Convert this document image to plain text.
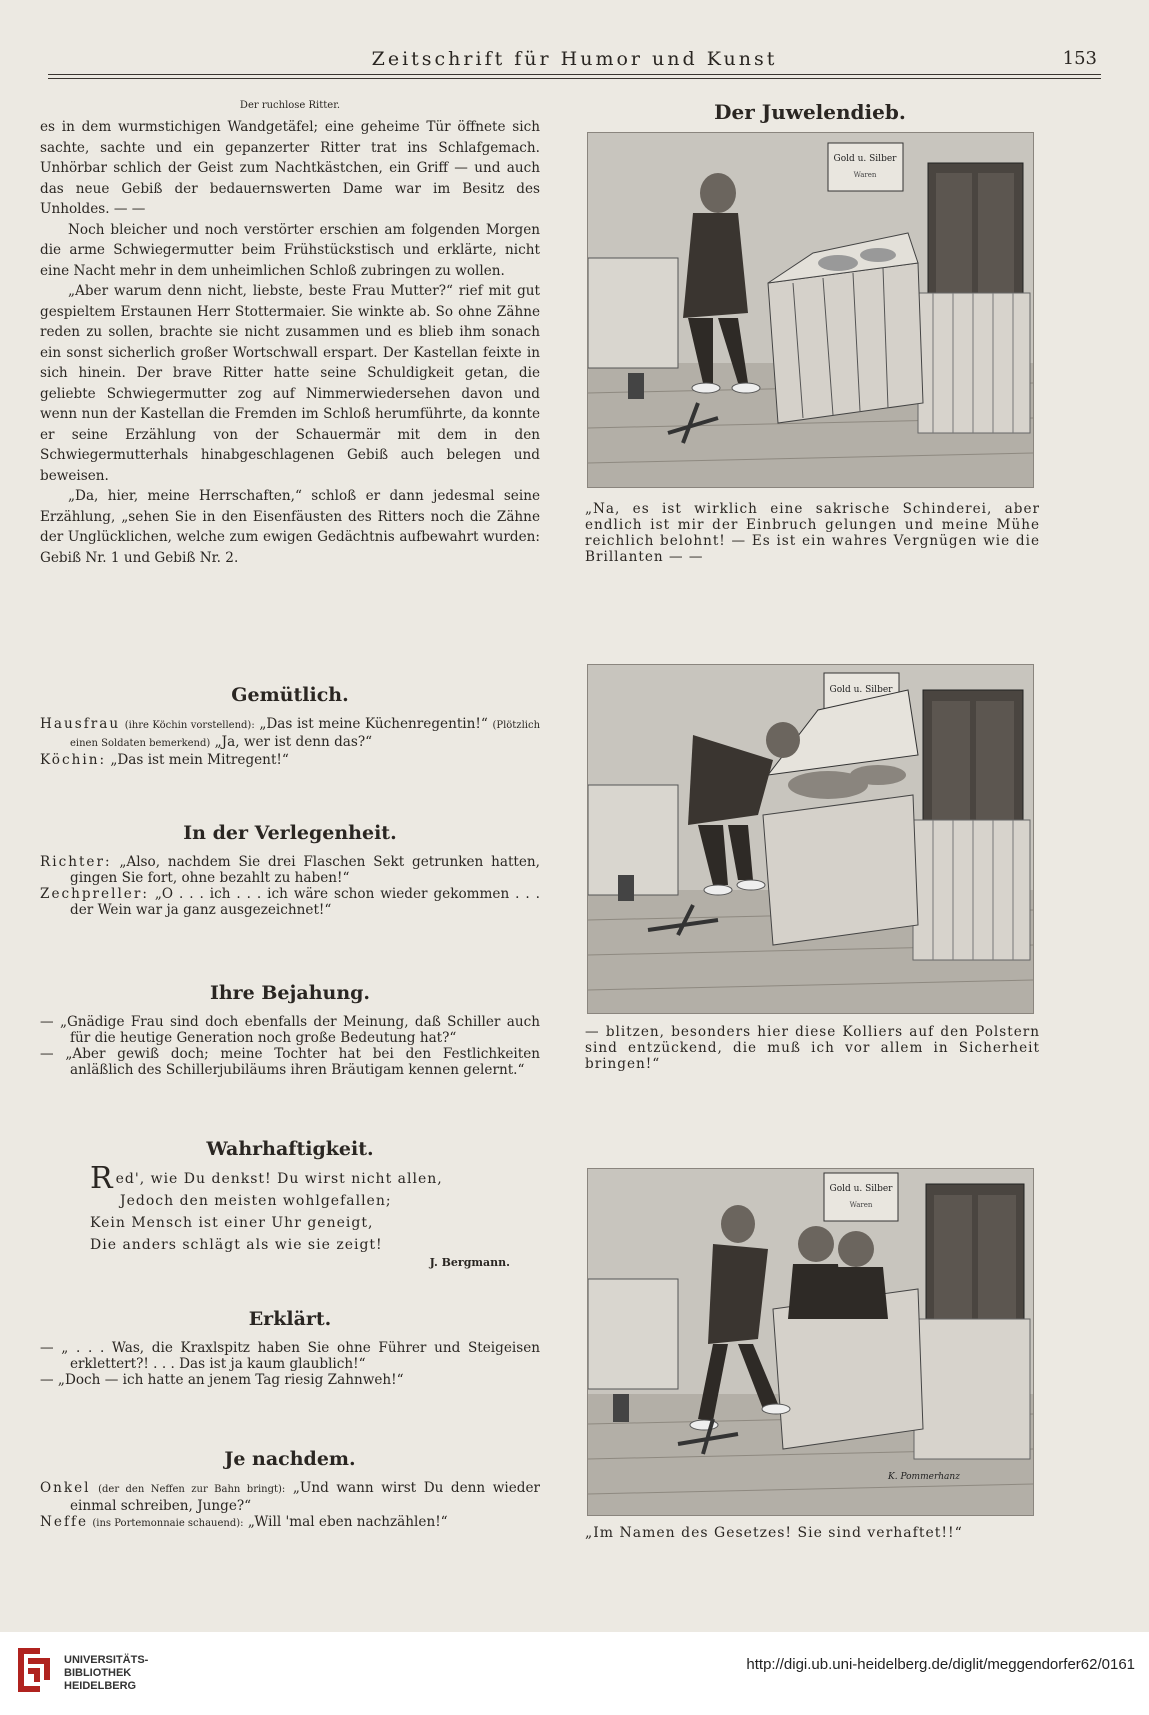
Zeitschrift für Humor und Kunst	153
Der ruchlose Ritter.

es in dem wurmstichigen Wandgetäfel; eine geheime Tür öffnete sich sachte, sachte und ein gepanzerter Ritter trat ins Schlafgemach. Unhörbar schlich der Geist zum Nachtkästchen, ein Griff — und auch das neue Gebiß der bedauernswerten Dame war im Besitz des Unholdes. — —

Noch bleicher und noch verstörter erschien am folgenden Morgen die arme Schwiegermutter beim Frühstückstisch und erklärte, nicht eine Nacht mehr in dem unheimlichen Schloß zubringen zu wollen.

„Aber warum denn nicht, liebste, beste Frau Mutter?“ rief mit gut gespieltem Erstaunen Herr Stottermaier. Sie winkte ab. So ohne Zähne reden zu sollen, brachte sie nicht zusammen und es blieb ihm sonach ein sonst sicherlich großer Wortschwall erspart. Der Kastellan feixte in sich hinein. Der brave Ritter hatte seine Schuldigkeit getan, die geliebte Schwiegermutter zog auf Nimmerwiedersehen davon und wenn nun der Kastellan die Fremden im Schloß herumführte, da konnte er seine Erzählung von der Schauermär mit dem in den Schwiegermutterhals hinabgeschlagenen Gebiß auch belegen und beweisen.

„Da, hier, meine Herrschaften,“ schloß er dann jedesmal seine Erzählung, „sehen Sie in den Eisenfäusten des Ritters noch die Zähne der Unglücklichen, welche zum ewigen Gedächtnis aufbewahrt wurden: Gebiß Nr. 1 und Gebiß Nr. 2.

Gemütlich.

Hausfrau (ihre Köchin vorstellend): „Das ist meine Küchenregentin!“ (Plötzlich einen Soldaten bemerkend) „Ja, wer ist denn das?“

Köchin: „Das ist mein Mitregent!“

In der Verlegenheit.

Richter: „Also, nachdem Sie drei Flaschen Sekt getrunken hatten, gingen Sie fort, ohne bezahlt zu haben!“

Zechpreller: „O . . . ich . . . ich wäre schon wieder gekommen . . . der Wein war ja ganz ausgezeichnet!“

Ihre Bejahung.

— „Gnädige Frau sind doch ebenfalls der Meinung, daß Schiller auch für die heutige Generation noch große Bedeutung hat?“

— „Aber gewiß doch; meine Tochter hat bei den Festlichkeiten anläßlich des Schillerjubiläums ihren Bräutigam kennen gelernt.“

Wahrhaftigkeit.
Red', wie Du denkst! Du wirst nicht allen,
Jedoch den meisten wohlgefallen;
Kein Mensch ist einer Uhr geneigt,
Die anders schlägt als wie sie zeigt!
J. Bergmann.
Erklärt.

— „ . . . Was, die Kraxlspitz haben Sie ohne Führer und Steigeisen erklettert?! . . . Das ist ja kaum glaublich!“

— „Doch — ich hatte an jenem Tag riesig Zahnweh!“

Je nachdem.

Onkel (der den Neffen zur Bahn bringt): „Und wann wirst Du denn wieder einmal schreiben, Junge?“

Neffe (ins Portemonnaie schauend): „Will 'mal eben nachzählen!“

Der Juwelendieb.
Gold u. Silber
Waren
„Na, es ist wirklich eine sakrische Schinderei, aber endlich ist mir der Einbruch gelungen und meine Mühe reichlich belohnt! — Es ist ein wahres Vergnügen wie die Brillanten — —
Gold u. Silber
— blitzen, besonders hier diese Kolliers auf den Polstern sind entzückend, die muß ich vor allem in Sicherheit bringen!“
Gold u. Silber
Waren
K. Pommerhanz
„Im Namen des Gesetzes! Sie sind verhaftet!!“
UNIVERSITÄTS-
BIBLIOTHEK
HEIDELBERG
http://digi.ub.uni-heidelberg.de/diglit/meggendorfer62/0161
